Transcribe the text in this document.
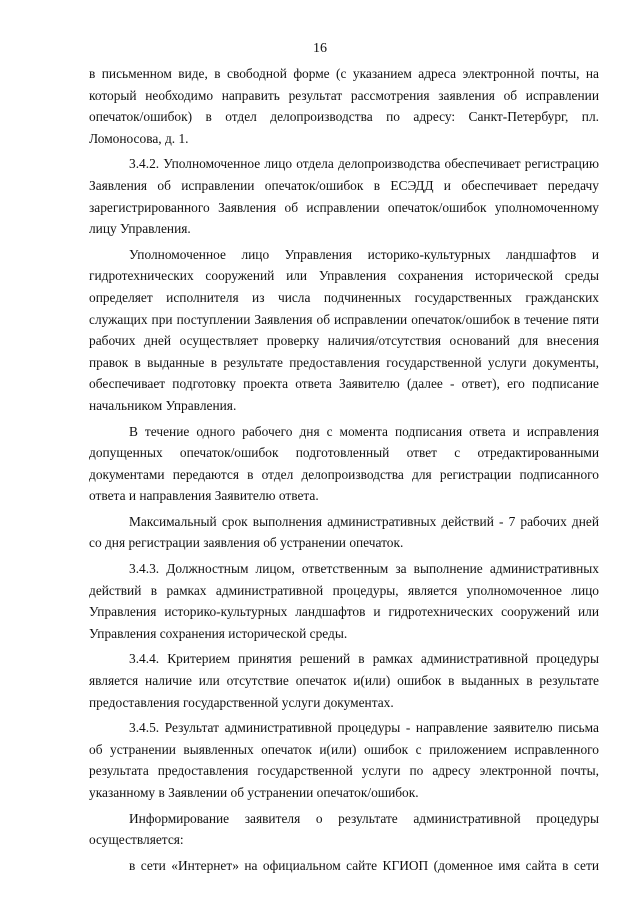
16

в письменном виде, в свободной форме (с указанием адреса электронной почты, на который необходимо направить результат рассмотрения заявления об исправлении опечаток/ошибок) в отдел делопроизводства по адресу: Санкт-Петербург, пл. Ломоносова, д. 1.

3.4.2. Уполномоченное лицо отдела делопроизводства обеспечивает регистрацию Заявления об исправлении опечаток/ошибок в ЕСЭДД и обеспечивает передачу зарегистрированного Заявления об исправлении опечаток/ошибок уполномоченному лицу Управления.

Уполномоченное лицо Управления историко-культурных ландшафтов и гидротехнических сооружений или Управления сохранения исторической среды определяет исполнителя из числа подчиненных государственных гражданских служащих при поступлении Заявления об исправлении опечаток/ошибок в течение пяти рабочих дней осуществляет проверку наличия/отсутствия оснований для внесения правок в выданные в результате предоставления государственной услуги документы, обеспечивает подготовку проекта ответа Заявителю (далее - ответ), его подписание начальником Управления.

В течение одного рабочего дня с момента подписания ответа и исправления допущенных опечаток/ошибок подготовленный ответ с отредактированными документами передаются в отдел делопроизводства для регистрации подписанного ответа и направления Заявителю ответа.

Максимальный срок выполнения административных действий - 7 рабочих дней со дня регистрации заявления об устранении опечаток.

3.4.3. Должностным лицом, ответственным за выполнение административных действий в рамках административной процедуры, является уполномоченное лицо Управления историко-культурных ландшафтов и гидротехнических сооружений или Управления сохранения исторической среды.

3.4.4. Критерием принятия решений в рамках административной процедуры является наличие или отсутствие опечаток и(или) ошибок в выданных в результате предоставления государственной услуги документах.

3.4.5. Результат административной процедуры - направление заявителю письма об устранении выявленных опечаток и(или) ошибок с приложением исправленного результата предоставления государственной услуги по адресу электронной почты, указанному в Заявлении об устранении опечаток/ошибок.

Информирование заявителя о результате административной процедуры осуществляется:

в сети «Интернет» на официальном сайте КГИОП (доменное имя сайта в сети
